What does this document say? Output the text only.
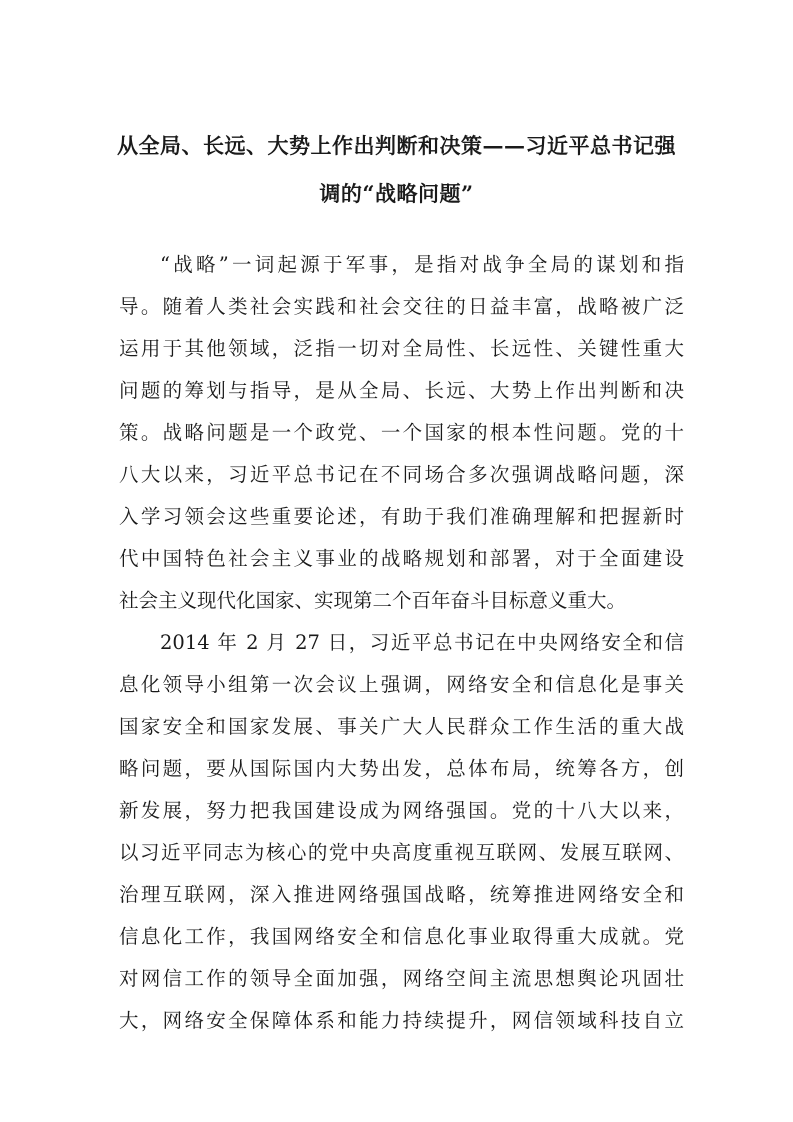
从全局、长远、大势上作出判断和决策——习近平总书记强
调的“战略问题”
“战略”一词起源于军事，是指对战争全局的谋划和指
导。随着人类社会实践和社会交往的日益丰富，战略被广泛
运用于其他领域，泛指一切对全局性、长远性、关键性重大
问题的筹划与指导，是从全局、长远、大势上作出判断和决
策。战略问题是一个政党、一个国家的根本性问题。党的十
八大以来，习近平总书记在不同场合多次强调战略问题，深
入学习领会这些重要论述，有助于我们准确理解和把握新时
代中国特色社会主义事业的战略规划和部署，对于全面建设
社会主义现代化国家、实现第二个百年奋斗目标意义重大。
2014 年 2 月 27 日，习近平总书记在中央网络安全和信
息化领导小组第一次会议上强调，网络安全和信息化是事关
国家安全和国家发展、事关广大人民群众工作生活的重大战
略问题，要从国际国内大势出发，总体布局，统筹各方，创
新发展，努力把我国建设成为网络强国。党的十八大以来，
以习近平同志为核心的党中央高度重视互联网、发展互联网、
治理互联网，深入推进网络强国战略，统筹推进网络安全和
信息化工作，我国网络安全和信息化事业取得重大成就。党
对网信工作的领导全面加强，网络空间主流思想舆论巩固壮
大，网络安全保障体系和能力持续提升，网信领域科技自立
